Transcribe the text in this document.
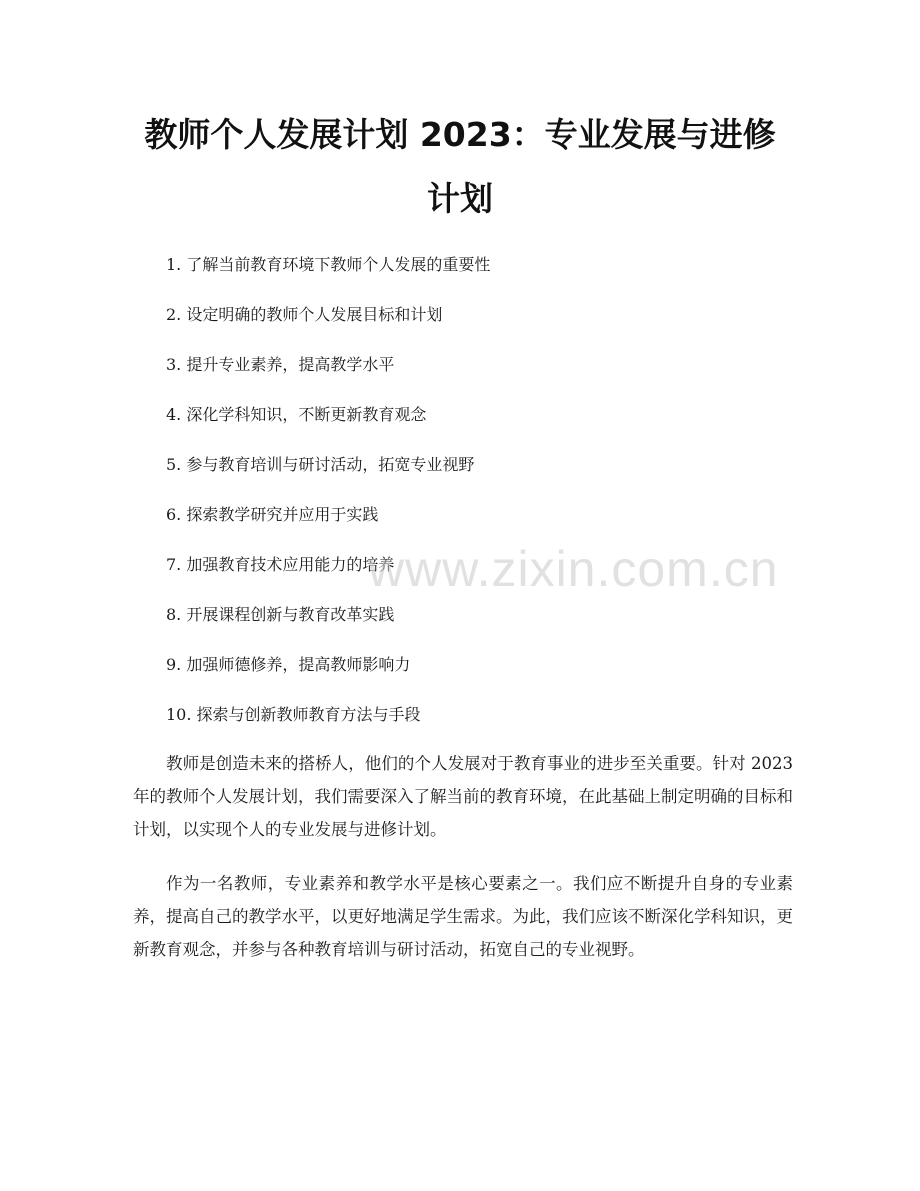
教师个人发展计划 2023：专业发展与进修计划
1. 了解当前教育环境下教师个人发展的重要性
2. 设定明确的教师个人发展目标和计划
3. 提升专业素养，提高教学水平
4. 深化学科知识，不断更新教育观念
5. 参与教育培训与研讨活动，拓宽专业视野
6. 探索教学研究并应用于实践
7. 加强教育技术应用能力的培养
8. 开展课程创新与教育改革实践
9. 加强师德修养，提高教师影响力
10. 探索与创新教师教育方法与手段

教师是创造未来的搭桥人，他们的个人发展对于教育事业的进步至关重要。针对 2023 年的教师个人发展计划，我们需要深入了解当前的教育环境，在此基础上制定明确的目标和计划，以实现个人的专业发展与进修计划。

作为一名教师，专业素养和教学水平是核心要素之一。我们应不断提升自身的专业素养，提高自己的教学水平，以更好地满足学生需求。为此，我们应该不断深化学科知识，更新教育观念，并参与各种教育培训与研讨活动，拓宽自己的专业视野。

www.zixin.com.cn
